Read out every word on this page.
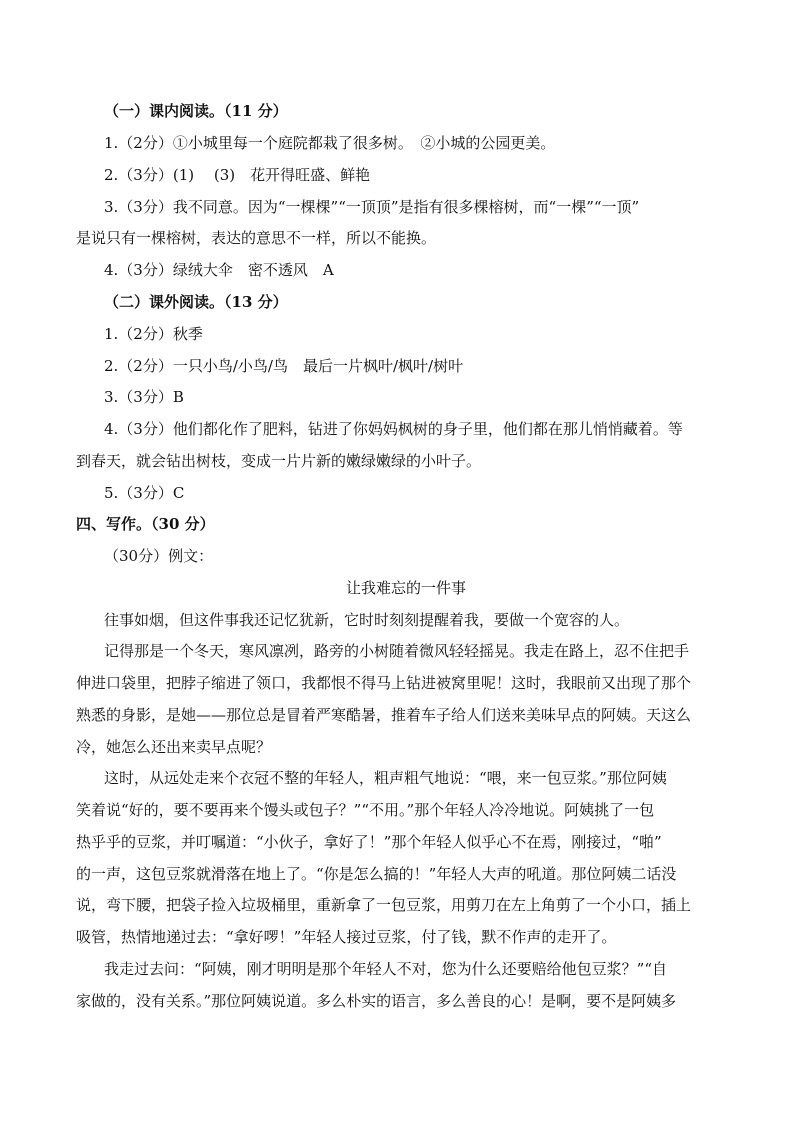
（一）课内阅读。（11 分）
1.（2分）①小城里每一个庭院都栽了很多树。　②小城的公园更美。
2.（3分）(1)　 (3)　花开得旺盛、鲜艳
3.（3分）我不同意。因为“一棵棵”“一顶顶”是指有很多棵榕树，而“一棵”“一顶”
是说只有一棵榕树，表达的意思不一样，所以不能换。
4.（3分）绿绒大伞　密不透风　A
（二）课外阅读。（13 分）
1.（2分）秋季
2.（2分）一只小鸟/小鸟/鸟　最后一片枫叶/枫叶/树叶
3.（3分）B
4.（3分）他们都化作了肥料，钻进了你妈妈枫树的身子里，他们都在那儿悄悄藏着。等
到春天，就会钻出树枝，变成一片片新的嫩绿嫩绿的小叶子。
5.（3分）C
四、写作。（30 分）
（30分）例文：
让我难忘的一件事
往事如烟，但这件事我还记忆犹新，它时时刻刻提醒着我，要做一个宽容的人。
记得那是一个冬天，寒风凛冽，路旁的小树随着微风轻轻摇晃。我走在路上，忍不住把手
伸进口袋里，把脖子缩进了领口，我都恨不得马上钻进被窝里呢！这时，我眼前又出现了那个
熟悉的身影，是她——那位总是冒着严寒酷暑，推着车子给人们送来美味早点的阿姨。天这么
冷，她怎么还出来卖早点呢？
这时，从远处走来个衣冠不整的年轻人，粗声粗气地说：“喂，来一包豆浆。”那位阿姨
笑着说“好的，要不要再来个馒头或包子？”“不用。”那个年轻人冷冷地说。阿姨挑了一包
热乎乎的豆浆，并叮嘱道：“小伙子，拿好了！”那个年轻人似乎心不在焉，刚接过，“啪”
的一声，这包豆浆就滑落在地上了。“你是怎么搞的！”年轻人大声的吼道。那位阿姨二话没
说，弯下腰，把袋子捡入垃圾桶里，重新拿了一包豆浆，用剪刀在左上角剪了一个小口，插上
吸管，热情地递过去：“拿好啰！”年轻人接过豆浆，付了钱，默不作声的走开了。
我走过去问：“阿姨，刚才明明是那个年轻人不对，您为什么还要赔给他包豆浆？”“自
家做的，没有关系。”那位阿姨说道。多么朴实的语言，多么善良的心！是啊，要不是阿姨多
